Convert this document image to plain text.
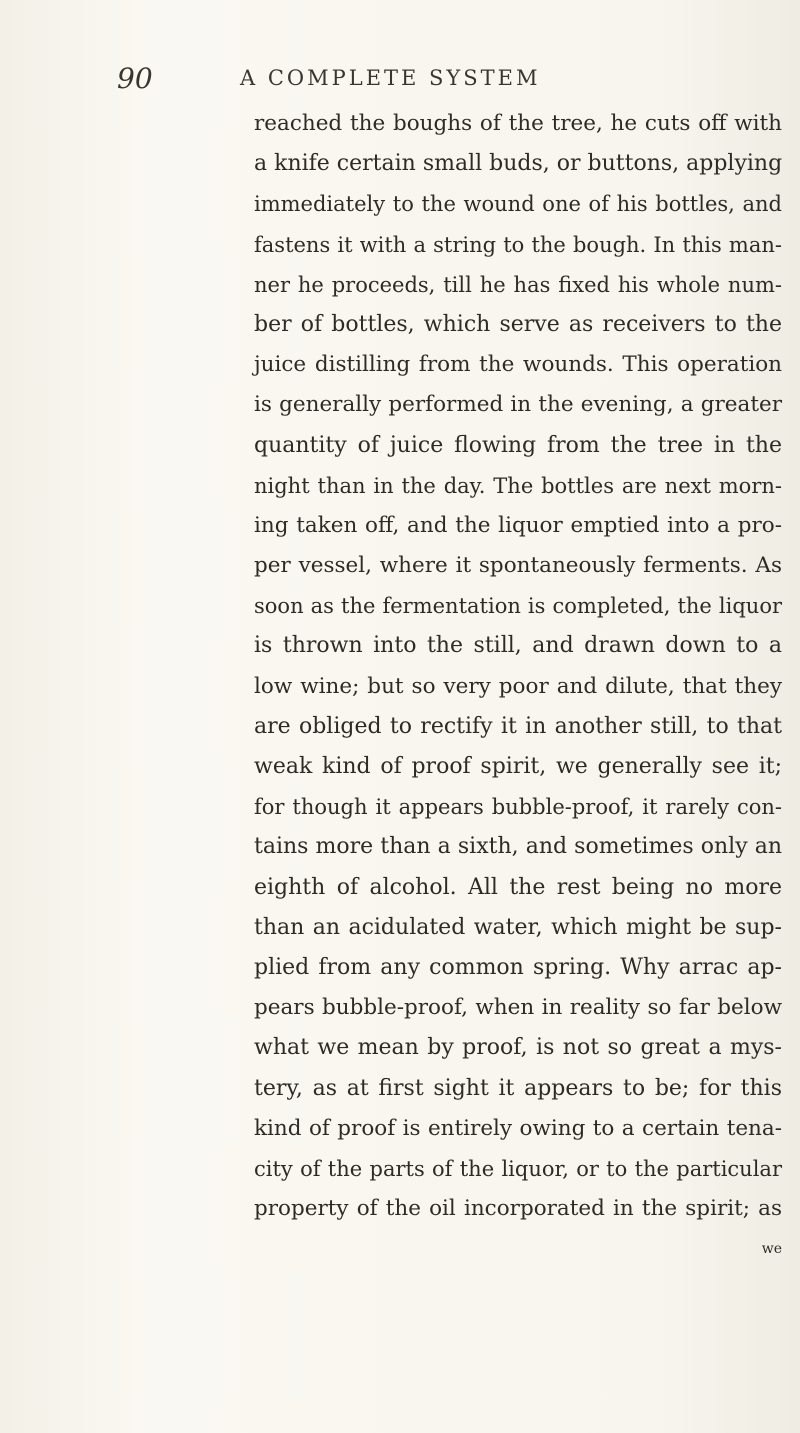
90	A COMPLETE SYSTEM
reached the boughs of the tree, he cuts off with
a knife certain small buds, or buttons, applying
immediately to the wound one of his bottles, and
fastens it with a string to the bough. In this man-
ner he proceeds, till he has fixed his whole num-
ber of bottles, which serve as receivers to the
juice distilling from the wounds. This operation
is generally performed in the evening, a greater
quantity of juice flowing from the tree in the
night than in the day. The bottles are next morn-
ing taken off, and the liquor emptied into a pro-
per vessel, where it spontaneously ferments. As
soon as the fermentation is completed, the liquor
is thrown into the still, and drawn down to a
low wine; but so very poor and dilute, that they
are obliged to rectify it in another still, to that
weak kind of proof spirit, we generally see it;
for though it appears bubble-proof, it rarely con-
tains more than a sixth, and sometimes only an
eighth of alcohol. All the rest being no more
than an acidulated water, which might be sup-
plied from any common spring. Why arrac ap-
pears bubble-proof, when in reality so far below
what we mean by proof, is not so great a mys-
tery, as at first sight it appears to be; for this
kind of proof is entirely owing to a certain tena-
city of the parts of the liquor, or to the particular
property of the oil incorporated in the spirit; as
we
